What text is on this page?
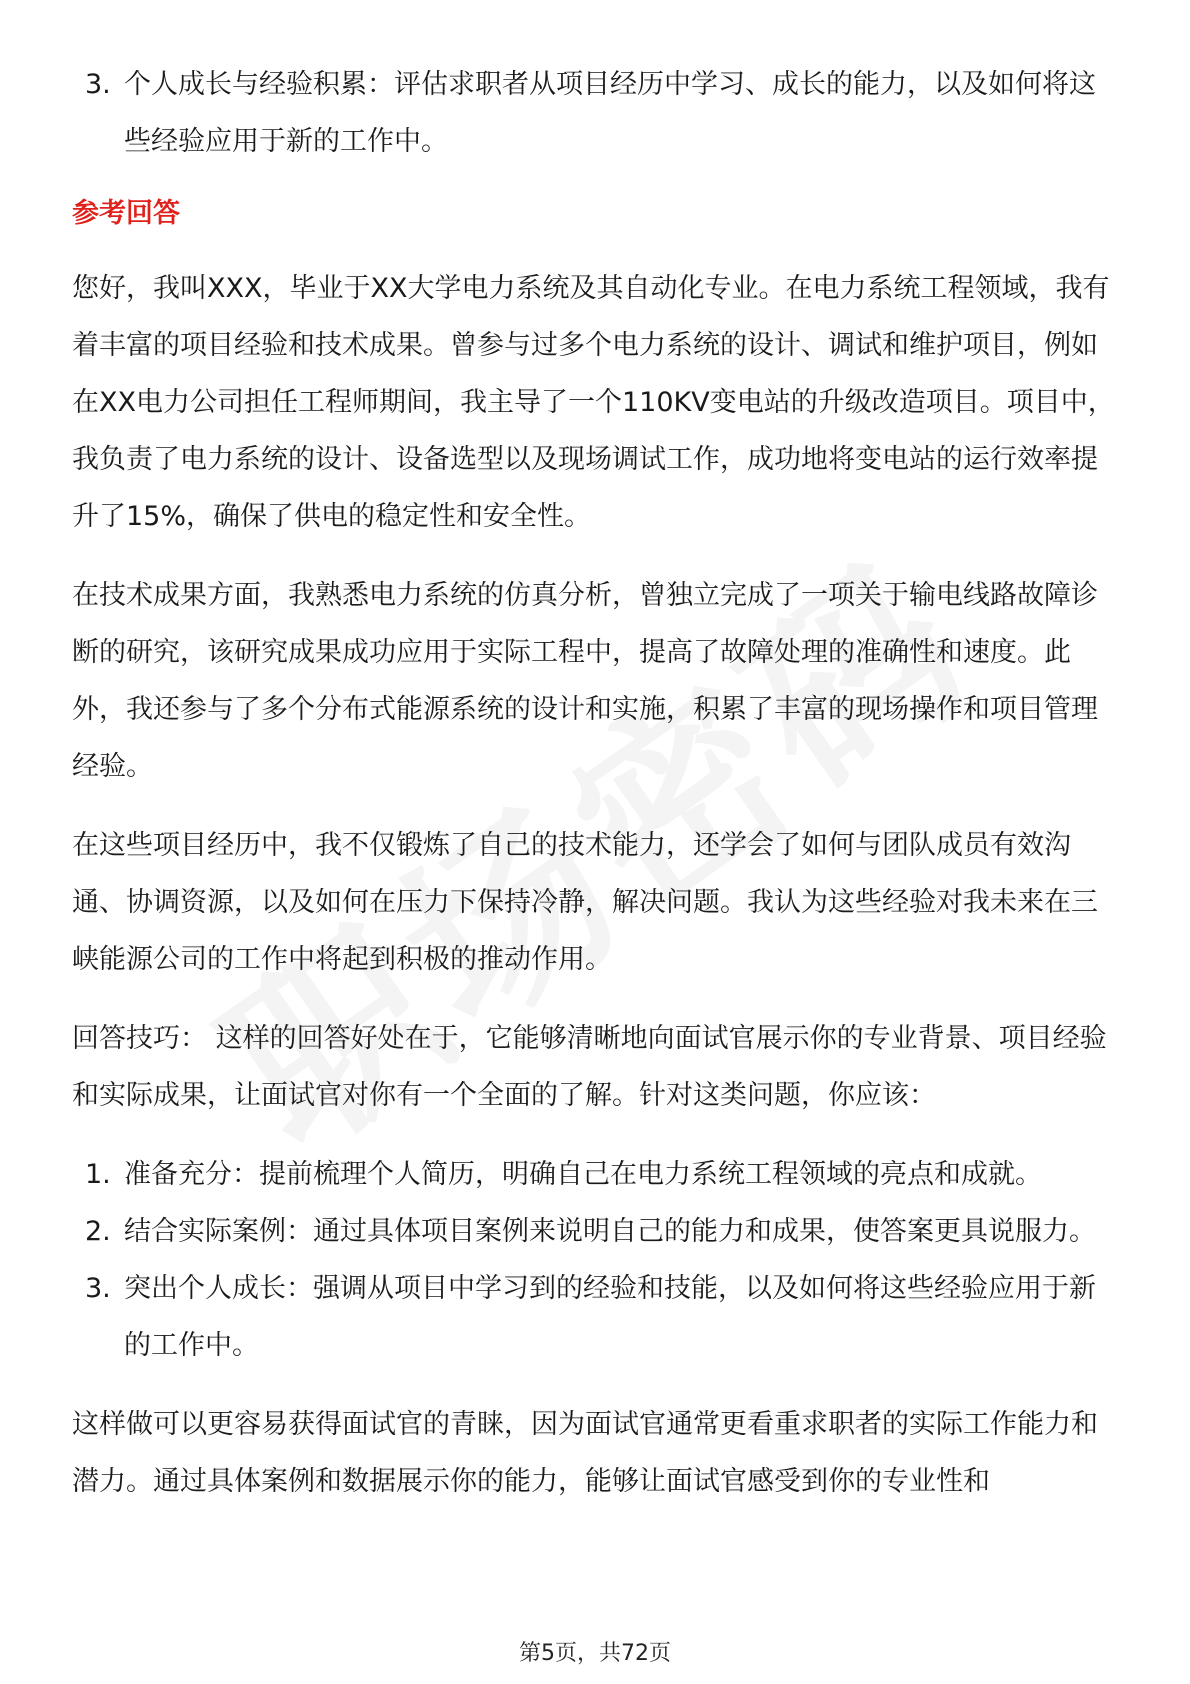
3. 个人成长与经验积累：评估求职者从项目经历中学习、成长的能力，以及如何将这些经验应用于新的工作中。
参考回答

您好，我叫XXX，毕业于XX大学电力系统及其自动化专业。在电力系统工程领域，我有着丰富的项目经验和技术成果。曾参与过多个电力系统的设计、调试和维护项目，例如在XX电力公司担任工程师期间，我主导了一个110KV变电站的升级改造项目。项目中，我负责了电力系统的设计、设备选型以及现场调试工作，成功地将变电站的运行效率提升了15%，确保了供电的稳定性和安全性。

在技术成果方面，我熟悉电力系统的仿真分析，曾独立完成了一项关于输电线路故障诊断的研究，该研究成果成功应用于实际工程中，提高了故障处理的准确性和速度。此外，我还参与了多个分布式能源系统的设计和实施，积累了丰富的现场操作和项目管理经验。

在这些项目经历中，我不仅锻炼了自己的技术能力，还学会了如何与团队成员有效沟通、协调资源，以及如何在压力下保持冷静，解决问题。我认为这些经验对我未来在三峡能源公司的工作中将起到积极的推动作用。

回答技巧： 这样的回答好处在于，它能够清晰地向面试官展示你的专业背景、项目经验和实际成果，让面试官对你有一个全面的了解。针对这类问题，你应该：

1. 准备充分：提前梳理个人简历，明确自己在电力系统工程领域的亮点和成就。
2. 结合实际案例：通过具体项目案例来说明自己的能力和成果，使答案更具说服力。
3. 突出个人成长：强调从项目中学习到的经验和技能，以及如何将这些经验应用于新的工作中。

这样做可以更容易获得面试官的青睐，因为面试官通常更看重求职者的实际工作能力和潜力。通过具体案例和数据展示你的能力，能够让面试官感受到你的专业性和

第5页，共72页
